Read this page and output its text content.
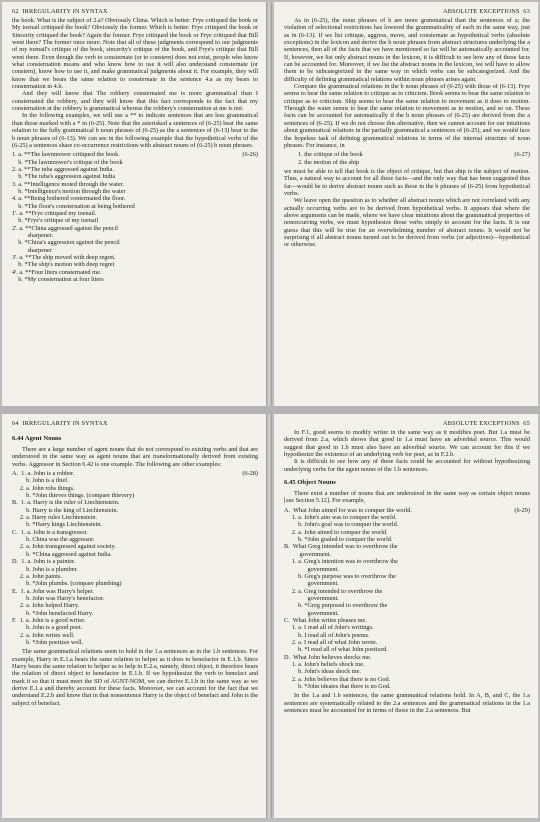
62 IRREGULARITY IN SYNTAX

the book. What is the subject of 2.a? Obviously China. Which is better: Frye critiqued the book or My toenail critiqued the book? Obviously the former. Which is better: Frye critiqued the book or Sincerity critiqued the book? Again the former. Frye critiqued the book or Frye critiqued that Bill went there? The former once more. Note that all of these judgments correspond to our judgments of my toenail's critique of the book, sincerity's critique of the book, and Frye's critique that Bill went there. Even though the verb to consternate (or to constern) does not exist, people who know what consternation means and who know how to use it will also understand consternate (or constern), know how to use it, and make grammatical judgments about it. For example, they will know that we bears the same relation to consternate in the sentence 4.a as my bears to consternation in 4.b.

And they will know that The robbery consternated me is more grammatical than I consternated the robbery, and they will know that this fact corresponds to the fact that my consternation at the robbery is grammatical whereas the robbery's consternation at me is not.

In the following examples, we will use a ** to indicate sentences that are less grammatical than those marked with a * in (6-25). Note that the asterisked a sentences of (6-25) bear the same relation to the fully grammatical b noun phrases of (6-25) as the a sentences of (6-13) bear to the b noun phrases of (6-13). We can see in the following example that the hypothetical verbs of the (6-25) a sentences share co-occurrence restrictions with abstract nouns of (6-25) b noun phrases.

(6-26)
1. a. **The lawnmower critiqued the book.
b. *The lawnmower's critique of the book
2. a. **The tuba aggressed against India.
b. *The tuba's aggression against India
3. a. **Intelligence moted through the water.
b. *Intelligence's motion through the water
4. a. **Being bothered contermated the floor.
b. *The floor's consternation at being bothered
1'. a. **Frye critiqued my toenail.
b. *Frye's critique of my toenail
2'. a. **China aggressed against the pencil
sharpener.
b. *China's aggression against the pencil
sharpener
3'. a. **The ship moved with deep regret.
b. *The ship's motion with deep regret
4'. a. **Four liters consternated me.
b. *My consternation at four liters
ABSOLUTE EXCEPTIONS 63

As in (6-25), the noun phrases of b are more grammatical than the sentences of a; the violation of selectional restrictions has lowered the grammaticality of each in the same way, just as in (6-13). If we list critique, aggress, move, and consternate as hypothetical verbs (absolute exceptions) in the lexicon and derive the b noun phrases from abstract structures underlying the a sentences, then all of the facts that we have mentioned so far will be automatically accounted for. If, however, we list only abstract nouns in the lexicon, it is difficult to see how any of these facts can be accounted for. Moreover, if we list the abstract nouns in the lexicon, we will have to allow them to be subcategorized in the same way in which verbs can be subcategorized. And the difficulty of defining grammatical relations within noun phrases arises again.

Compare the grammatical relations in the b noun phrases of (6-25) with those of (6-13). Frye seems to bear the same relation to critique as to criticism. Book seems to bear the same relation to critique as to criticism. Ship seems to bear the same relation to movement as it does to motion. Through the water seems to bear the same relation to movement as to motion, and so on. These facts can be accounted for automatically if the b noun phrases of (6-25) are derived from the a sentences of (6-25). If we do not choose this alternative, then we cannot account for our intuitions about grammatical relations in the partially grammatical a sentences of (6-25), and we would face the hopeless task of defining grammatical relations in terms of the internal structure of noun phrases. For instance, in

(6-27)
1. the critique of the book
2. the motion of the ship

we must be able to tell that book is the object of critique, but that ship is the subject of motion. Thus, a natural way to account for all these facts—and the only way that has been suggested thus far—would be to derive abstract nouns such as these in the b phrases of (6-25) from hypothetical verbs.

We leave open the question as to whether all abstract nouns which are not correlated with any actually occurring verbs are to be derived from hypothetical verbs. It appears that where the above arguments can be made, where we have clear intuitions about the grammatical properties of nonoccurring verbs, we must hypothesize those verbs simply to account for the facts. It is our guess that this will be true for an overwhelming number of abstract nouns. It would not be surprising if all abstract nouns turned out to be derived from verbs (or adjectives)—hypothetical or otherwise.

64 IRREGULARITY IN SYNTAX
6.44 Agent Nouns

There are a large number of agent nouns that do not correspond to existing verbs and that are understood in the same way as agent nouns that are transformationally derived from existing verbs. Aggressor in Section 6.42 is one example. The following are other examples:

(6-28)
A.  1. a. John is a robber.
b. John is a thief.
2. a. John robs things.
b. *John thieves things. (compare thievery)
B.  1. a. Harry is the ruler of Liechtenstein.
b. Harry is the king of Liechtenstein.
2. a. Harry rules Liechtenstein.
b. *Harry kings Liechtenstein.
C.  1. a. John is a transgressor.
b. China was the aggressor.
2. a. John transgressed against society.
b. *China aggressed against India.
D.  1. a. John is a painter.
b. John is a plumber.
2. a. John paints.
b. *John plumbs. (compare plumbing)
E.  1. a. John was Harry's helper.
b. John was Harry's benefactor.
2. a. John helped Harry.
b. *John benefacted Harry.
F.  1. a. John is a good writer.
b. John is a good poet.
2. a. John writes well.
b. *John poetizes well.

The same grammatical relations seem to hold in the 1.a sentences as in the 1.b sentences. For example, Harry in E.1.a bears the same relation to helper as it does to benefactor in E.1.b. Since Harry bears the same relation to helper as to help in E.2.a, namely, direct object, it therefore bears the relation of direct object to benefactor in E.1.b. If we hypothesize the verb to benefact and mark it so that it must meet the SD of AGNT-NOM, we can derive E.1.b in the same way as we derive E.1.a and thereby account for these facts. Moreover, we can account for the fact that we understand E.2.b and know that in that nonsentence Harry is the object of benefact and John is the subject of benefact.

ABSOLUTE EXCEPTIONS 65

In F.1, good seems to modify writer in the same way as it modifies poet. But 1.a must be derived from 2.a, which shows that good in 1.a must have an adverbial source. This would suggest that good in 1.b must also have an adverbial source. We can account for this if we hypothesize the existence of an underlying verb for poet, as in F.2.b.

It is difficult to see how any of these facts could be accounted for without hypothesizing underlying verbs for the agent nouns of the 1.b sentences.

6.45 Object Nouns

There exist a number of nouns that are understood in the same way as certain object nouns [see Section 5.12]. For example,

(6-29)
A.  What John aimed for was to conquer the world.
1. a. John's aim was to conquer the world.
b. John's goal was to conquer the world.
2. a. John aimed to conquer the world.
b. *John goaled to conquer the world.
B.  What Greg intended was to overthrow the
government.
1. a. Greg's intention was to overthrow the
government.
b. Greg's purpose was to overthrow the
government.
2. a. Greg intended to overthrow the
government.
b. *Greg purposed to overthrow the
government.
C.  What John writes pleases me.
1. a. I read all of John's writings.
b. I read all of John's poems.
2. a. I read all of what John wrote.
b. *I read all of what John poetized.
D.  What John believes shocks me.
1. a. John's beliefs shock me.
b. John's ideas shock me.
2. a. John believes that there is no God.
b. *John ideates that there is no God.

In the 1.a and 1.b sentences, the same grammatical relations hold. In A, B, and C, the 1.a sentences are systematically related to the 2.a sentences and the grammatical relations in the 1.a sentences must be accounted for in terms of those in the 2.a sentences. But
